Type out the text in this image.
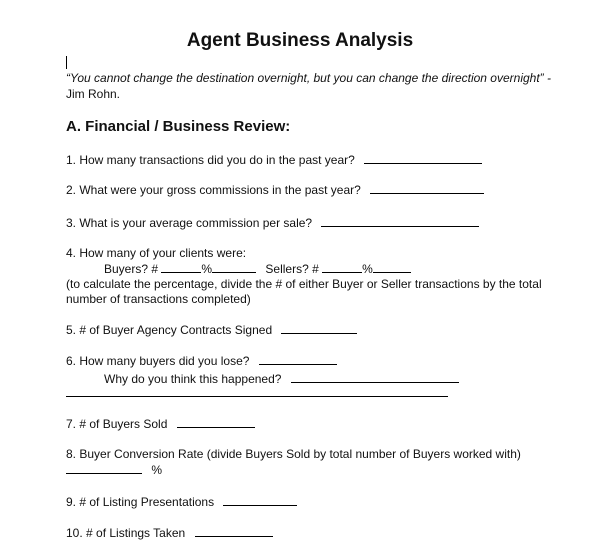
Agent Business Analysis
“You cannot change the destination overnight, but you can change the direction overnight” -
Jim Rohn.
A. Financial / Business Review:
1. How many transactions did you do in the past year?
2. What were your gross commissions in the past year?
3. What is your average commission per sale?
4. How many of your clients were:
Buyers? #	%	Sellers? #	%
(to calculate the percentage, divide the # of either Buyer or Seller transactions by the total
number of transactions completed)
5. # of Buyer Agency Contracts Signed
6. How many buyers did you lose?
Why do you think this happened?
7. # of Buyers Sold
8. Buyer Conversion Rate (divide Buyers Sold by total number of Buyers worked with)
%
9. # of Listing Presentations
10. # of Listings Taken
